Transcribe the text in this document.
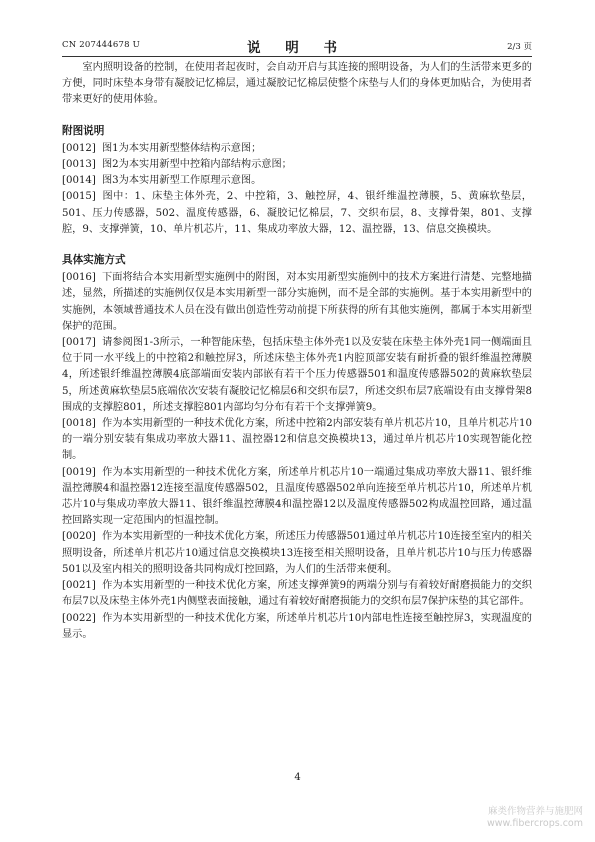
CN 207444678 U	说 明 书	2/3 页

室内照明设备的控制，在使用者起夜时，会自动开启与其连接的照明设备，为人们的生活带来更多的方便，同时床垫本身带有凝胶记忆棉层，通过凝胶记忆棉层使整个床垫与人们的身体更加贴合，为使用者带来更好的使用体验。

附图说明

[0012] 图1为本实用新型整体结构示意图；

[0013] 图2为本实用新型中控箱内部结构示意图；

[0014] 图3为本实用新型工作原理示意图。

[0015] 图中：1、床垫主体外壳，2、中控箱，3、触控屏，4、银纤维温控薄膜，5、黄麻软垫层，501、压力传感器，502、温度传感器，6、凝胶记忆棉层，7、交织布层，8、支撑骨架，801、支撑腔，9、支撑弹簧，10、单片机芯片，11、集成功率放大器，12、温控器，13、信息交换模块。

具体实施方式

[0016] 下面将结合本实用新型实施例中的附图，对本实用新型实施例中的技术方案进行清楚、完整地描述，显然，所描述的实施例仅仅是本实用新型一部分实施例，而不是全部的实施例。基于本实用新型中的实施例，本领域普通技术人员在没有做出创造性劳动前提下所获得的所有其他实施例，都属于本实用新型保护的范围。

[0017] 请参阅图1-3所示，一种智能床垫，包括床垫主体外壳1以及安装在床垫主体外壳1同一侧端面且位于同一水平线上的中控箱2和触控屏3，所述床垫主体外壳1内腔顶部安装有耐折叠的银纤维温控薄膜4，所述银纤维温控薄膜4底部端面安装内部嵌有若干个压力传感器501和温度传感器502的黄麻软垫层5，所述黄麻软垫层5底端依次安装有凝胶记忆棉层6和交织布层7，所述交织布层7底端设有由支撑骨架8围成的支撑腔801，所述支撑腔801内部均匀分布有若干个支撑弹簧9。

[0018] 作为本实用新型的一种技术优化方案，所述中控箱2内部安装有单片机芯片10，且单片机芯片10的一端分别安装有集成功率放大器11、温控器12和信息交换模块13，通过单片机芯片10实现智能化控制。

[0019] 作为本实用新型的一种技术优化方案，所述单片机芯片10一端通过集成功率放大器11、银纤维温控薄膜4和温控器12连接至温度传感器502，且温度传感器502单向连接至单片机芯片10，所述单片机芯片10与集成功率放大器11、银纤维温控薄膜4和温控器12以及温度传感器502构成温控回路，通过温控回路实现一定范围内的恒温控制。

[0020] 作为本实用新型的一种技术优化方案，所述压力传感器501通过单片机芯片10连接至室内的相关照明设备，所述单片机芯片10通过信息交换模块13连接至相关照明设备，且单片机芯片10与压力传感器501以及室内相关的照明设备共同构成灯控回路，为人们的生活带来便利。

[0021] 作为本实用新型的一种技术优化方案，所述支撑弹簧9的两端分别与有着较好耐磨损能力的交织布层7以及床垫主体外壳1内侧壁表面接触，通过有着较好耐磨损能力的交织布层7保护床垫的其它部件。

[0022] 作为本实用新型的一种技术优化方案，所述单片机芯片10内部电性连接至触控屏3，实现温度的显示。

4
麻类作物营养与施肥网
www.fibercrops.com
